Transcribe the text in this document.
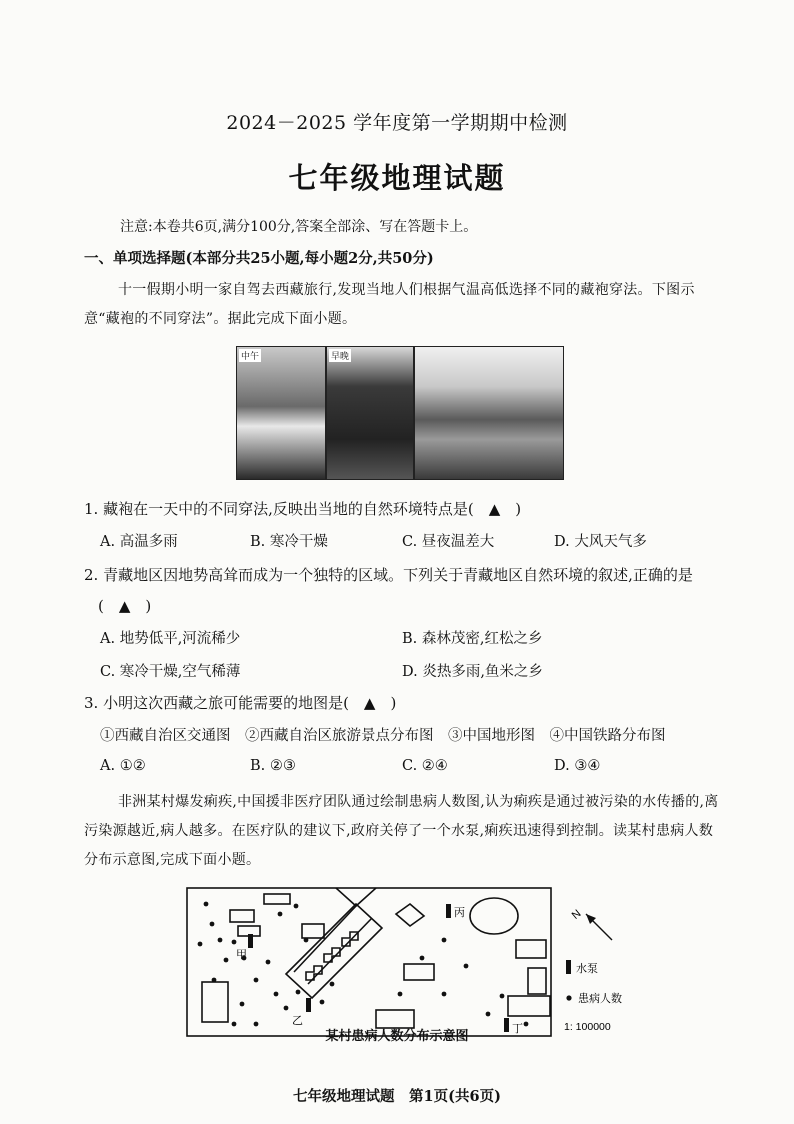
2024－2025 学年度第一学期期中检测
七年级地理试题
注意:本卷共6页,满分100分,答案全部涂、写在答题卡上。
一、单项选择题(本部分共25小题,每小题2分,共50分)
十一假期小明一家自驾去西藏旅行,发现当地人们根据气温高低选择不同的藏袍穿法。下图示意“藏袍的不同穿法”。据此完成下面小题。
中午	早晚
1. 藏袍在一天中的不同穿法,反映出当地的自然环境特点是(　▲　)
A. 高温多雨	B. 寒冷干燥	C. 昼夜温差大	D. 大风天气多
2. 青藏地区因地势高耸而成为一个独特的区域。下列关于青藏地区自然环境的叙述,正确的是
(　▲　)
A. 地势低平,河流稀少	B. 森林茂密,红松之乡
C. 寒冷干燥,空气稀薄	D. 炎热多雨,鱼米之乡
3. 小明这次西藏之旅可能需要的地图是(　▲　)
①西藏自治区交通图　②西藏自治区旅游景点分布图　③中国地形图　④中国铁路分布图
A. ①②	B. ②③	C. ②④	D. ③④
非洲某村爆发痢疾,中国援非医疗团队通过绘制患病人数图,认为痢疾是通过被污染的水传播的,离污染源越近,病人越多。在医疗队的建议下,政府关停了一个水泵,痢疾迅速得到控制。读某村患病人数分布示意图,完成下面小题。
甲
乙
丙
丁
N
水泵
患病人数
1: 100000
某村患病人数分布示意图
七年级地理试题　第1页(共6页)
